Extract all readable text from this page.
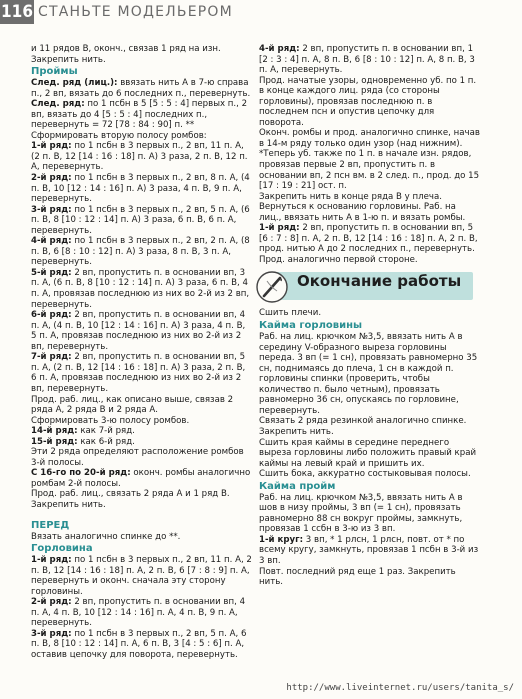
116 СТАНЬТЕ МОДЕЛЬЕРОМ

и 11 рядов В, оконч., связав 1 ряд на изн.

Закрепить нить.

Проймы

След. ряд (лиц.): ввязать нить А в 7-ю справа п., 2 вп, вязать до 6 последних п., перевернуть.

След. ряд: по 1 псбн в 5 [5 : 5 : 4] первых п., 2 вп, вязать до 4 [5 : 5 : 4] последних п., перевернуть = 72 [78 : 84 : 90] п. **

Сформировать вторую полосу ромбов:

1-й ряд: по 1 псбн в 3 первых п., 2 вп, 11 п. А, (2 п. В, 12 [14 : 16 : 18] п. А) 3 раза, 2 п. В, 12 п. А, перевернуть.

2-й ряд: по 1 псбн в 3 первых п., 2 вп, 8 п. А, (4 п. В, 10 [12 : 14 : 16] п. А) 3 раза, 4 п. В, 9 п. А, перевернуть.

3-й ряд: по 1 псбн в 3 первых п., 2 вп, 5 п. А, (6 п. В, 8 [10 : 12 : 14] п. А) 3 раза, 6 п. В, 6 п. А, перевернуть.

4-й ряд: по 1 псбн в 3 первых п., 2 вп, 2 п. А, (8 п. В, 6 [8 : 10 : 12] п. А) 3 раза, 8 п. В, 3 п. А, перевернуть.

5-й ряд: 2 вп, пропустить п. в основании вп, 3 п. А, (6 п. В, 8 [10 : 12 : 14] п. А) 3 раза, 6 п. В, 4 п. А, провязав последнюю из них во 2-й из 2 вп, перевернуть.

6-й ряд: 2 вп, пропустить п. в основании вп, 4 п. А, (4 п. В, 10 [12 : 14 : 16] п. А) 3 раза, 4 п. В, 5 п. А, провязав последнюю из них во 2-й из 2 вп, перевернуть.

7-й ряд: 2 вп, пропустить п. в основании вп, 5 п. А, (2 п. В, 12 [14 : 16 : 18] п. А) 3 раза, 2 п. В, 6 п. А, провязав последнюю из них во 2-й из 2 вп, перевернуть.

Прод. раб. лиц., как описано выше, связав 2 ряда А, 2 ряда В и 2 ряда А.

Сформировать 3-ю полосу ромбов.

14-й ряд: как 7-й ряд.

15-й ряд: как 6-й ряд.

Эти 2 ряда определяют расположение ромбов 3-й полосы.

С 16-го по 20-й ряд: оконч. ромбы аналогично ромбам 2-й полосы.

Прод. раб. лиц., связать 2 ряда А и 1 ряд В.

Закрепить нить.

ПЕРЕД

Вязать аналогично спинке до **.

Горловина

1-й ряд: по 1 псбн в 3 первых п., 2 вп, 11 п. А, 2 п. В, 12 [14 : 16 : 18] п. А, 2 п. В, 6 [7 : 8 : 9] п. А, перевернуть и оконч. сначала эту сторону горловины.

2-й ряд: 2 вп, пропустить п. в основании вп, 4 п. А, 4 п. В, 10 [12 : 14 : 16] п. А, 4 п. В, 9 п. А, перевернуть.

3-й ряд: по 1 псбн в 3 первых п., 2 вп, 5 п. А, 6 п. В, 8 [10 : 12 : 14] п. А, 6 п. В, 3 [4 : 5 : 6] п. А, оставив цепочку для поворота, перевернуть.

4-й ряд: 2 вп, пропустить п. в основании вп, 1 [2 : 3 : 4] п. А, 8 п. В, 6 [8 : 10 : 12] п. А, 8 п. В, 3 п. А, перевернуть.

Прод. начатые узоры, одновременно уб. по 1 п. в конце каждого лиц. ряда (со стороны горловины), провязав последнюю п. в последнем псн и опустив цепочку для поворота.

Оконч. ромбы и прод. аналогично спинке, начав в 14-м ряду только один узор (над нижним). *Теперь уб. также по 1 п. в начале изн. рядов, провязав первые 2 вп, пропустить п. в основании вп, 2 псн вм. в 2 след. п., прод. до 15 [17 : 19 : 21] ост. п.

Закрепить нить в конце ряда В у плеча.

Вернуться к основанию горловины. Раб. на лиц., ввязать нить А в 1-ю п. и вязать ромбы.

1-й ряд: 2 вп, пропустить п. в основании вп, 5 [6 : 7 : 8] п. А, 2 п. В, 12 [14 : 16 : 18] п. А, 2 п. В, прод. нитью А до 2 последних п., перевернуть.

Прод. аналогично первой стороне.

Окончание работы

Сшить плечи.

Кайма горловины

Раб. на лиц. крючком №3,5, ввязать нить А в середину V-образного выреза горловины переда. 3 вп (= 1 сн), провязать равномерно 35 сн, поднимаясь до плеча, 1 сн в каждой п. горловины спинки (проверить, чтобы количество п. было четным), провязать равномерно 36 сн, опускаясь по горловине, перевернуть.

Связать 2 ряда резинкой аналогично спинке.

Закрепить нить.

Сшить края каймы в середине переднего выреза горловины либо положить правый край каймы на левый край и пришить их.

Сшить бока, аккуратно состыковывая полосы.

Кайма пройм

Раб. на лиц. крючком №3,5, ввязать нить А в шов в низу проймы, 3 вп (= 1 сн), провязать равномерно 88 сн вокруг проймы, замкнуть, провязав 1 ссбн в 3-ю из 3 вп.

1-й круг: 3 вп, * 1 рлсн, 1 рлсн, повт. от * по всему кругу, замкнуть, провязав 1 псбн в 3-й из 3 вп.

Повт. последний ряд еще 1 раз. Закрепить нить.

http://www.liveinternet.ru/users/tanita_s/
